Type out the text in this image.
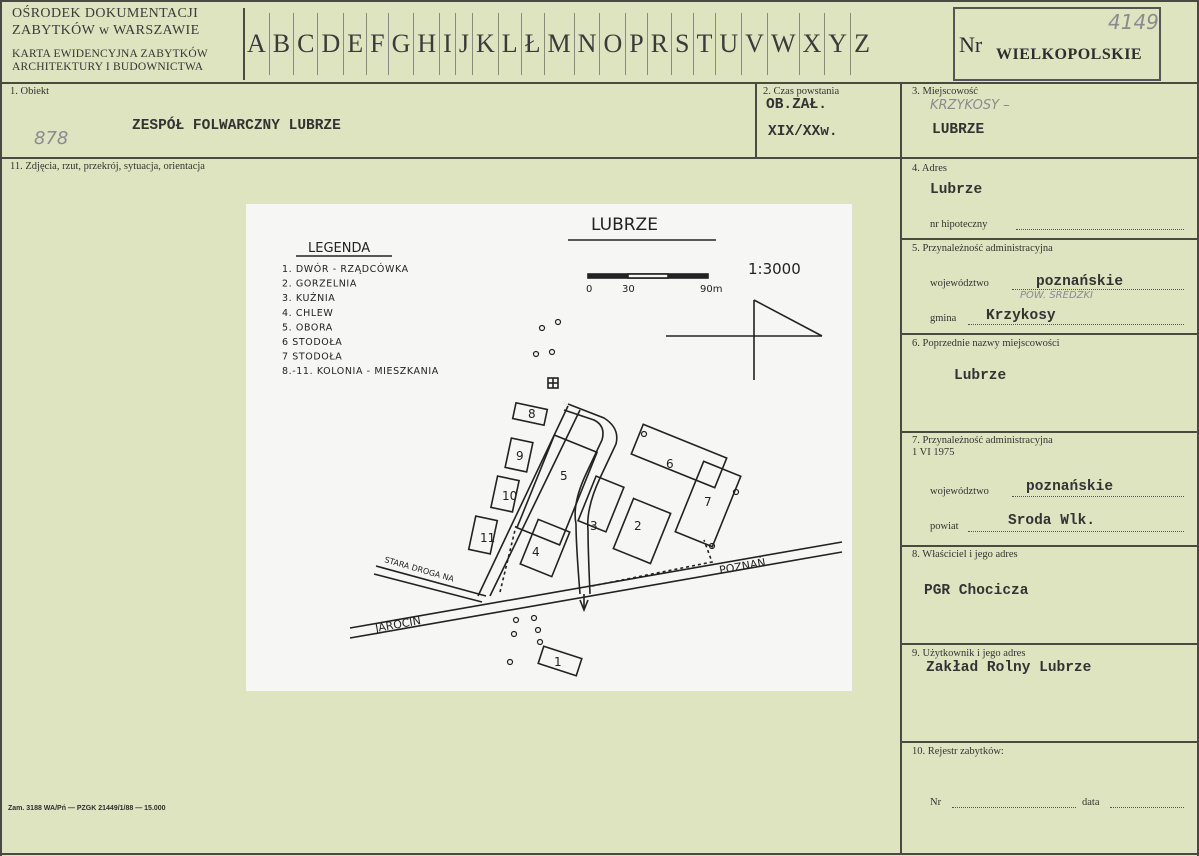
OŚRODEK DOKUMENTACJI
ZABYTKÓW w WARSZAWIE
KARTA EWIDENCYJNA ZABYTKÓW
ARCHITEKTURY I BUDOWNICTWA
A B C D E F G H I J K L Ł M N O P R S T U V W X Y Z	Nr WIELKOPOLSKIE
4149
1. Obiekt
878
ZESPÓŁ FOLWARCZNY LUBRZE
2. Czas powstania
OB.ZAŁ.
XIX/XXw.
3. Miejscowość
KRZYKOSY –
LUBRZE
11. Zdjęcia, rzut, przekrój, sytuacja, orientacja
LUBRZE
LEGENDA
1. DWÓR - RZĄDCÓWKA
2. GORZELNIA
3. KUŹNIA
4. CHLEW
5. OBORA
6 STODOŁA
7 STODOŁA
8.-11. KOLONIA - MIESZKANIA
1:3000
0	30	90m
JAROCIN
POZNAŃ
STARA DROGA NA
1
2
3
4
5
6
7
8
9
10
11
4. Adres
Lubrze
nr hipoteczny
5. Przynależność administracyjna
województwo	poznańskie
POW. ŚREDZKI
gmina Krzykosy
6. Poprzednie nazwy miejscowości
Lubrze
7. Przynależność administracyjna
1 VI 1975
województwo	poznańskie
powiat	Sroda Wlk.
8. Właściciel i jego adres
PGR Chocicza
9. Użytkownik i jego adres
Zakład Rolny Lubrze
10. Rejestr zabytków:
Nr	data
Zam. 3188 WA/Pń — PZGK 21449/1/88 — 15.000
